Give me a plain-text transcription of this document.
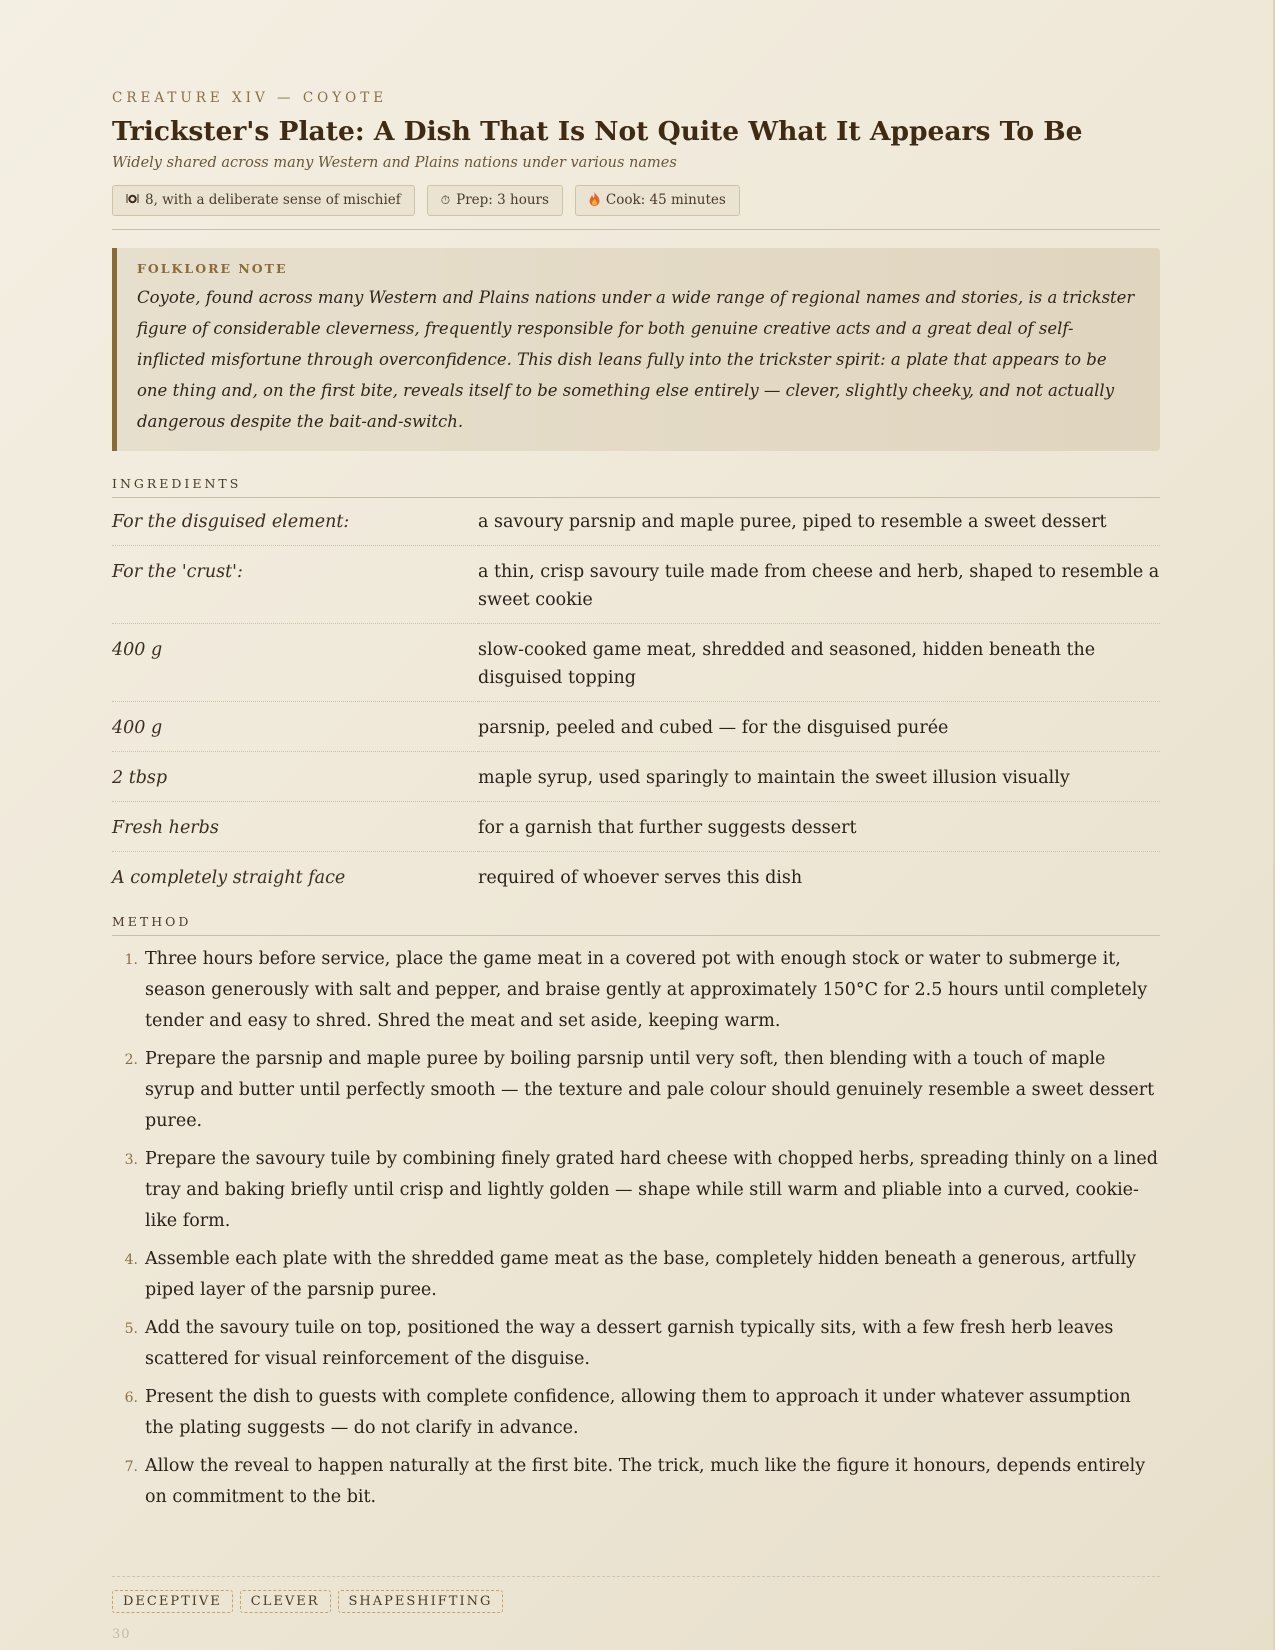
CREATURE XIV — COYOTE
Trickster's Plate: A Dish That Is Not Quite What It Appears To Be
Widely shared across many Western and Plains nations under various names
8, with a deliberate sense of mischief	⏱ Prep: 3 hours	Cook: 45 minutes
FOLKLORE NOTE
Coyote, found across many Western and Plains nations under a wide range of regional names and stories, is a trickster figure of considerable cleverness, frequently responsible for both genuine creative acts and a great deal of self-inflicted misfortune through overconfidence. This dish leans fully into the trickster spirit: a plate that appears to be one thing and, on the first bite, reveals itself to be something else entirely — clever, slightly cheeky, and not actually dangerous despite the bait-and-switch.
INGREDIENTS
For the disguised element:	a savoury parsnip and maple puree, piped to resemble a sweet dessert
For the 'crust':	a thin, crisp savoury tuile made from cheese and herb, shaped to resemble a sweet cookie
400 g	slow-cooked game meat, shredded and seasoned, hidden beneath the disguised topping
400 g	parsnip, peeled and cubed — for the disguised purée
2 tbsp	maple syrup, used sparingly to maintain the sweet illusion visually
Fresh herbs	for a garnish that further suggests dessert
A completely straight face	required of whoever serves this dish
METHOD
1. Three hours before service, place the game meat in a covered pot with enough stock or water to submerge it, season generously with salt and pepper, and braise gently at approximately 150°C for 2.5 hours until completely tender and easy to shred. Shred the meat and set aside, keeping warm.
2. Prepare the parsnip and maple puree by boiling parsnip until very soft, then blending with a touch of maple syrup and butter until perfectly smooth — the texture and pale colour should genuinely resemble a sweet dessert puree.
3. Prepare the savoury tuile by combining finely grated hard cheese with chopped herbs, spreading thinly on a lined tray and baking briefly until crisp and lightly golden — shape while still warm and pliable into a curved, cookie-like form.
4. Assemble each plate with the shredded game meat as the base, completely hidden beneath a generous, artfully piped layer of the parsnip puree.
5. Add the savoury tuile on top, positioned the way a dessert garnish typically sits, with a few fresh herb leaves scattered for visual reinforcement of the disguise.
6. Present the dish to guests with complete confidence, allowing them to approach it under whatever assumption the plating suggests — do not clarify in advance.
7. Allow the reveal to happen naturally at the first bite. The trick, much like the figure it honours, depends entirely on commitment to the bit.
DECEPTIVE	CLEVER	SHAPESHIFTING
30
